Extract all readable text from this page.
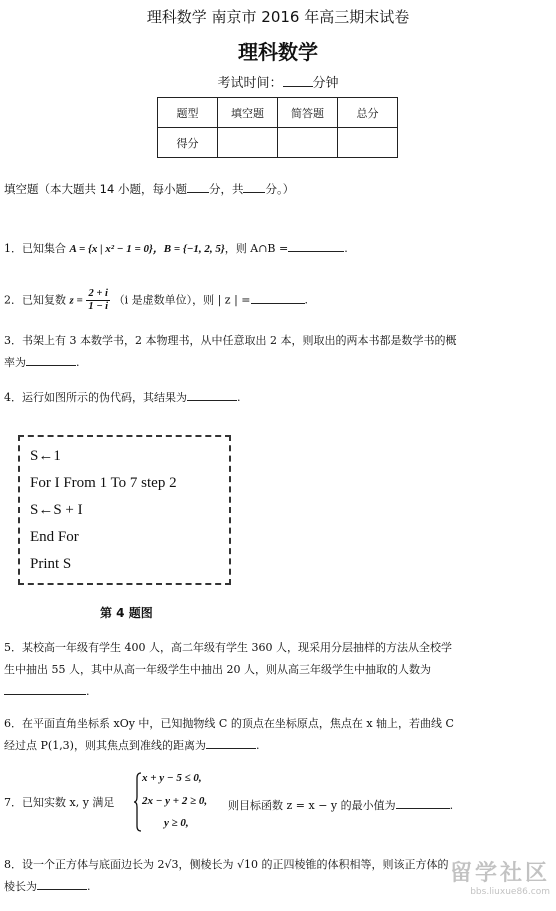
理科数学 南京市 2016 年高三期末试卷
理科数学
考试时间： 分钟
题型	填空题	简答题	总分
得分			
填空题（本大题共 14 小题，每小题 分，共 分。）
1．已知集合 A = {x | x² − 1 = 0}，B = {−1, 2, 5}，则 A∩B =	.
2．已知复数 $z = \frac{2 + i}{1 - i} (i$ 是虚数单位），则 | z | =	.
3．书架上有 3 本数学书，2 本物理书，从中任意取出 2 本，则取出的两本书都是数学书的概
率为	.
4．运行如图所示的伪代码，其结果为	.
S←1
For I From 1 To 7 step 2
S←S + I
End For
Print S
第 4 题图
5．某校高一年级有学生 400 人，高二年级有学生 360 人，现采用分层抽样的方法从全校学
生中抽出 55 人，其中从高一年级学生中抽出 20 人，则从高三年级学生中抽取的人数为
.
6．在平面直角坐标系 xOy 中，已知抛物线 C 的顶点在坐标原点，焦点在 x 轴上，若曲线 C
经过点 P(1,3)，则其焦点到准线的距离为	.
7．已知实数 x, y 满足
x + y − 5 ≤ 0,
2x − y + 2 ≥ 0,
y ≥ 0,
则目标函数 z = x − y 的最小值为	.
8．设一个正方体与底面边长为 2√3，侧棱长为 √10 的正四棱锥的体积相等，则该正方体的
棱长为	.
留学社区
bbs.liuxue86.com
